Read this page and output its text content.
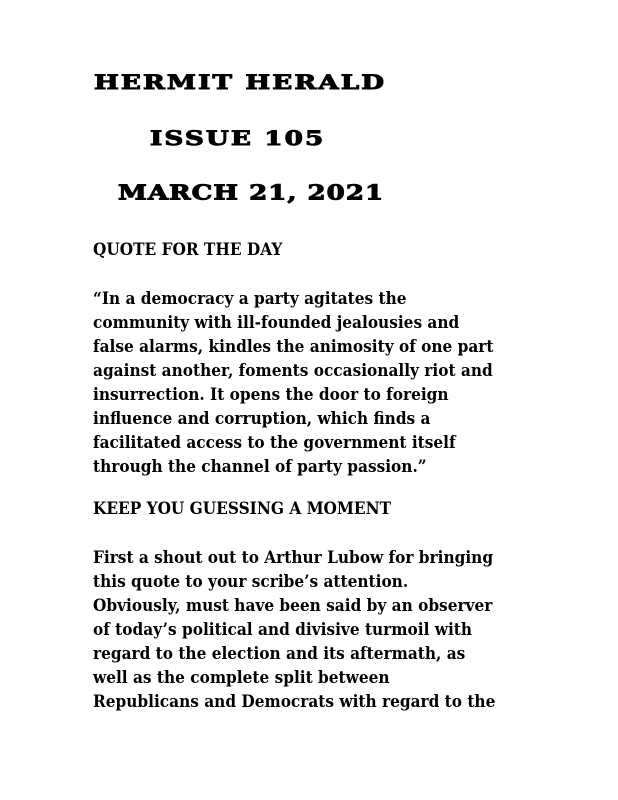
HERMIT HERALD
ISSUE 105
MARCH 21, 2021
QUOTE FOR THE DAY
“In a democracy a party agitates the
community with ill-founded jealousies and
false alarms, kindles the animosity of one part
against another, foments occasionally riot and
insurrection. It opens the door to foreign
influence and corruption, which finds a
facilitated access to the government itself
through the channel of party passion.”
KEEP YOU GUESSING A MOMENT
First a shout out to Arthur Lubow for bringing
this quote to your scribe’s attention.
Obviously, must have been said by an observer
of today’s political and divisive turmoil with
regard to the election and its aftermath, as
well as the complete split between
Republicans and Democrats with regard to the
